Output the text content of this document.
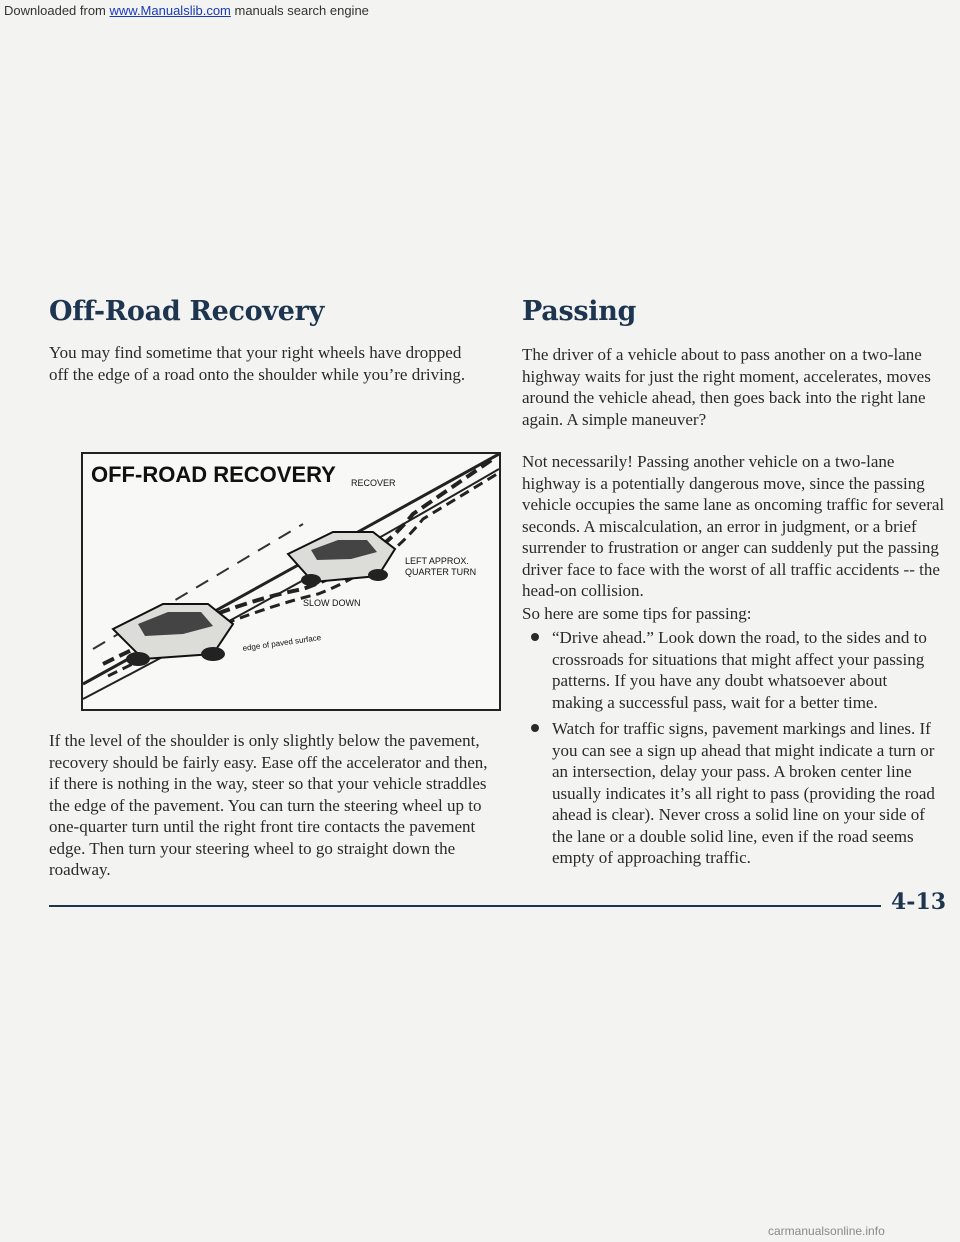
Downloaded from www.Manualslib.com manuals search engine

Off-Road Recovery

You may find sometime that your right wheels have dropped off the edge of a road onto the shoulder while you’re driving.

OFF-ROAD RECOVERY RECOVER
LEFT APPROX.
QUARTER TURN
SLOW DOWN
edge of paved surface

If the level of the shoulder is only slightly below the pavement, recovery should be fairly easy. Ease off the accelerator and then, if there is nothing in the way, steer so that your vehicle straddles the edge of the pavement. You can turn the steering wheel up to one-quarter turn until the right front tire contacts the pavement edge. Then turn your steering wheel to go straight down the roadway.

Passing

The driver of a vehicle about to pass another on a two-lane highway waits for just the right moment, accelerates, moves around the vehicle ahead, then goes back into the right lane again. A simple maneuver?

Not necessarily! Passing another vehicle on a two-lane highway is a potentially dangerous move, since the passing vehicle occupies the same lane as oncoming traffic for several seconds. A miscalculation, an error in judgment, or a brief surrender to frustration or anger can suddenly put the passing driver face to face with the worst of all traffic accidents -- the head-on collision.

So here are some tips for passing:

“Drive ahead.” Look down the road, to the sides and to crossroads for situations that might affect your passing patterns. If you have any doubt whatsoever about making a successful pass, wait for a better time.

Watch for traffic signs, pavement markings and lines. If you can see a sign up ahead that might indicate a turn or an intersection, delay your pass. A broken center line usually indicates it’s all right to pass (providing the road ahead is clear). Never cross a solid line on your side of the lane or a double solid line, even if the road seems empty of approaching traffic.

4-13

carmanualsonline.info
